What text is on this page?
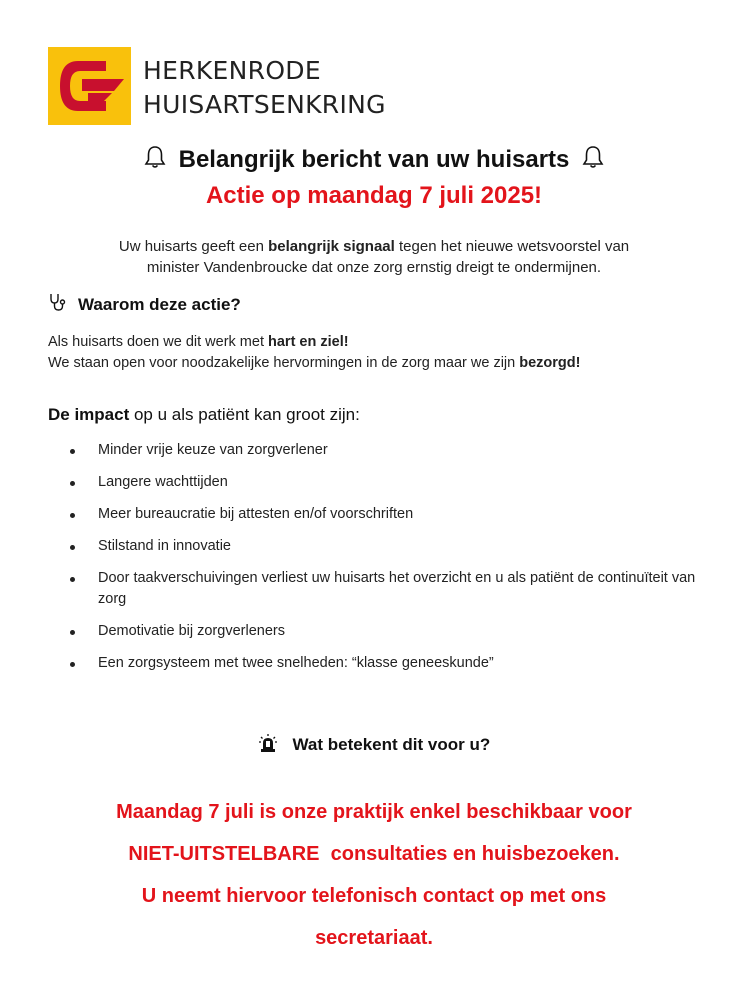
HERKENRODE
HUISARTSENKRING
Belangrijk bericht van uw huisarts
Actie op maandag 7 juli 2025!
Uw huisarts geeft een belangrijk signaal tegen het nieuwe wetsvoorstel van
minister Vandenbroucke dat onze zorg ernstig dreigt te ondermijnen.
Waarom deze actie?
Als huisarts doen we dit werk met hart en ziel!
We staan open voor noodzakelijke hervormingen in de zorg maar we zijn bezorgd!
De impact op u als patiënt kan groot zijn:
Minder vrije keuze van zorgverlener
Langere wachttijden
Meer bureaucratie bij attesten en/of voorschriften
Stilstand in innovatie
Door taakverschuivingen verliest uw huisarts het overzicht en u als patiënt de continuïteit van zorg
Demotivatie bij zorgverleners
Een zorgsysteem met twee snelheden: “klasse geneeskunde”
Wat betekent dit voor u?
Maandag 7 juli is onze praktijk enkel beschikbaar voor
NIET-UITSTELBARE  consultaties en huisbezoeken.
U neemt hiervoor telefonisch contact op met ons
secretariaat.
